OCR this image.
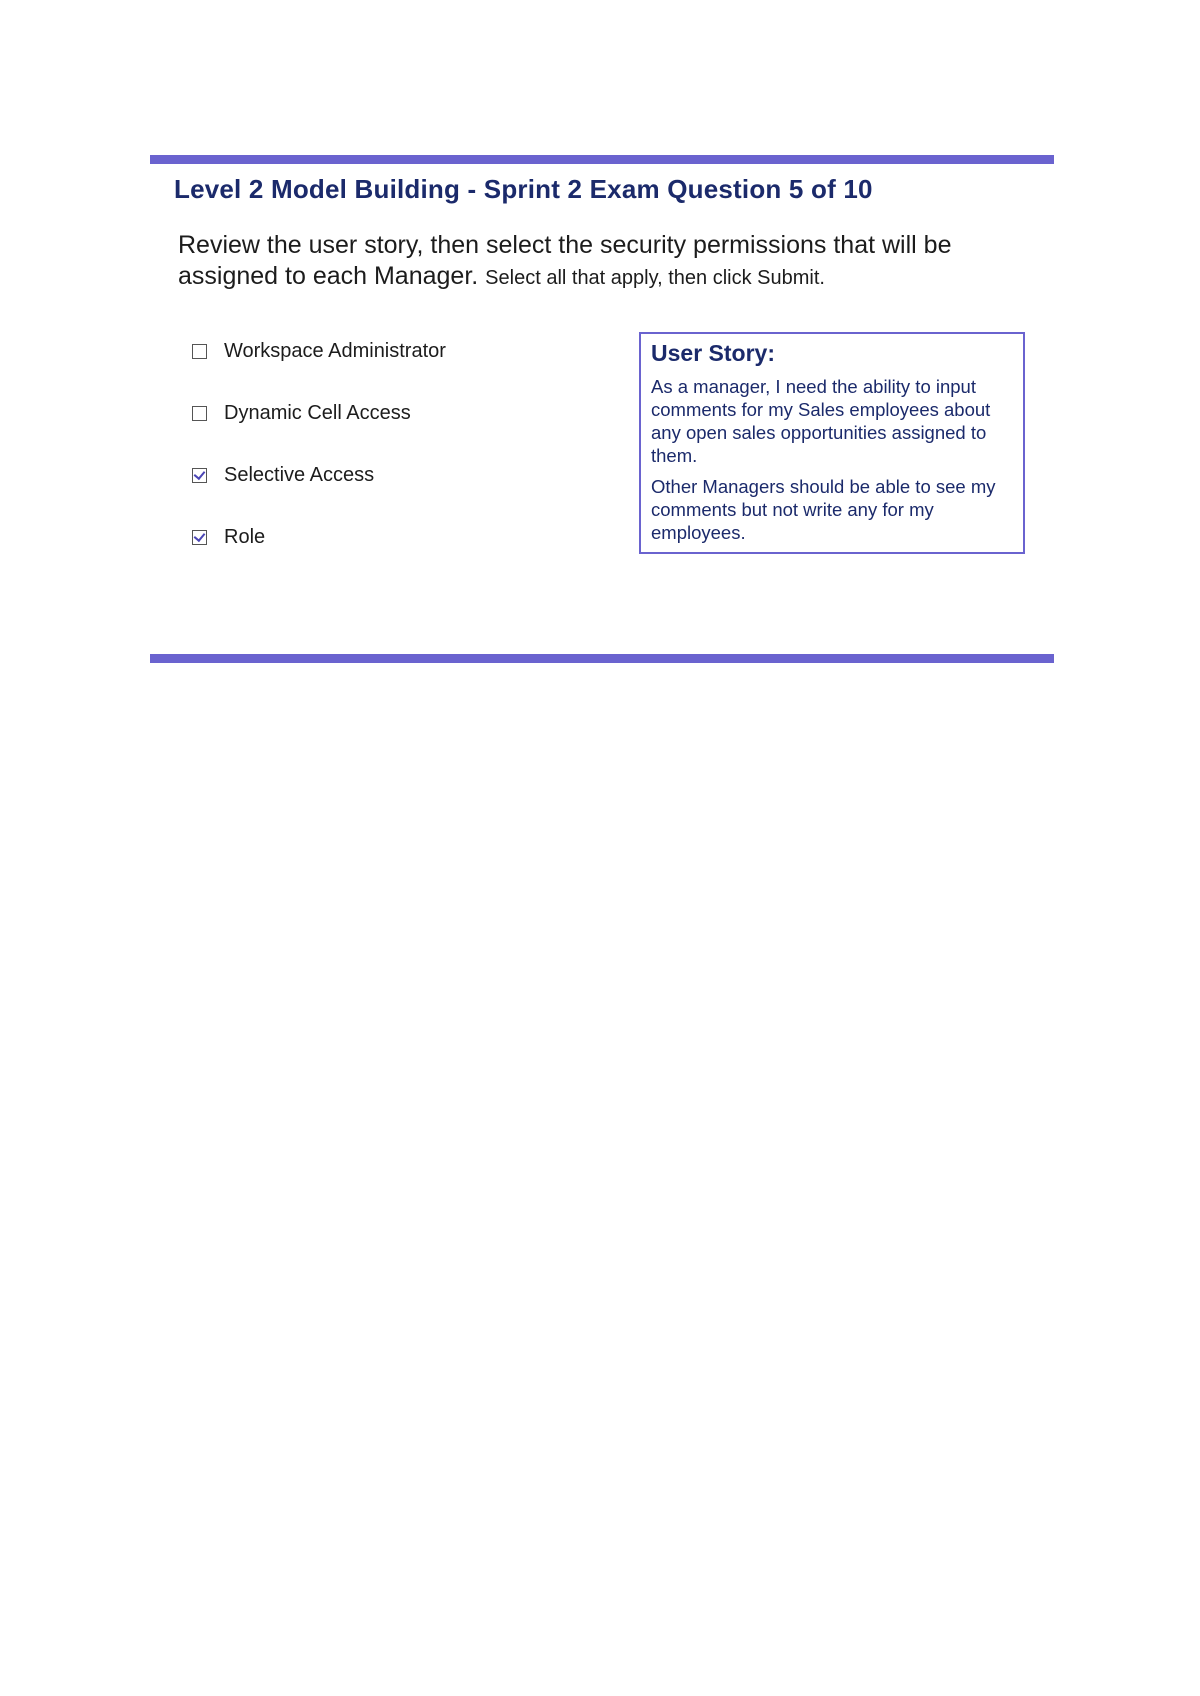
Level 2 Model Building - Sprint 2 Exam Question 5 of 10
Review the user story, then select the security permissions that will be assigned to each Manager. Select all that apply, then click Submit.
Workspace Administrator
Dynamic Cell Access
Selective Access
Role
User Story:

As a manager, I need the ability to input comments for my Sales employees about any open sales opportunities assigned to them.

Other Managers should be able to see my comments but not write any for my employees.
